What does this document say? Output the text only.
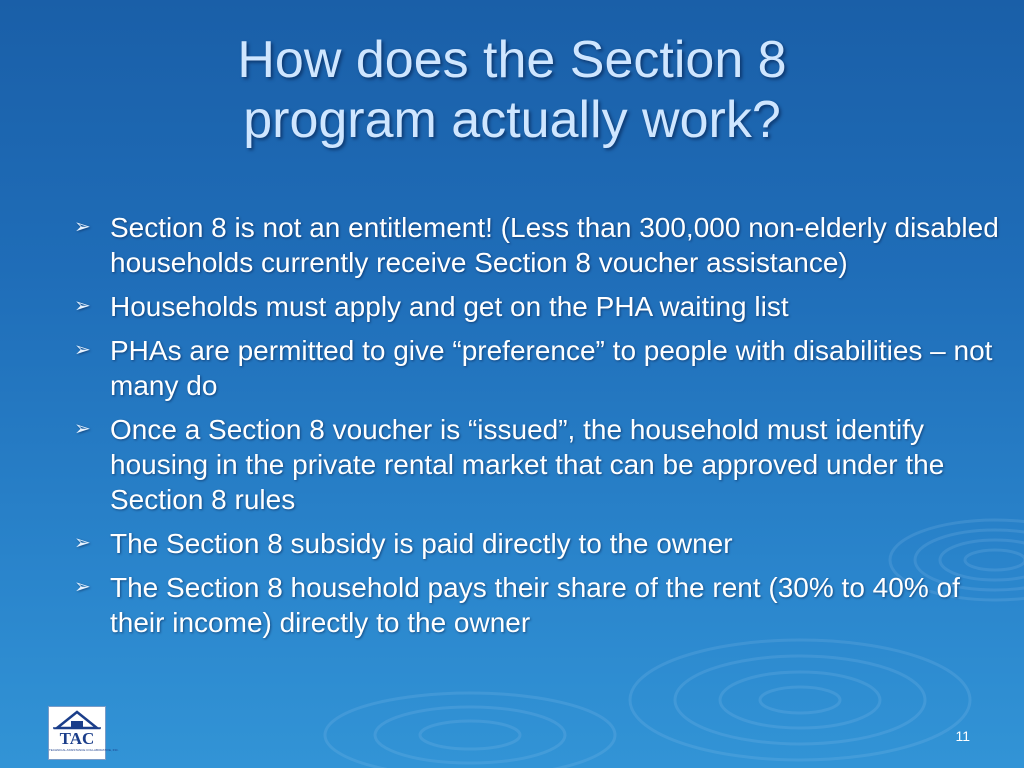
How does the Section 8
program actually work?
➢ Section 8 is not an entitlement! (Less than 300,000 non-elderly disabled households currently receive Section 8 voucher assistance)
➢ Households must apply and get on the PHA waiting list
➢ PHAs are permitted to give “preference” to people with disabilities – not many do
➢ Once a Section 8 voucher is “issued”, the household must identify housing in the private rental market that can be approved under the Section 8 rules
➢ The Section 8 subsidy is paid directly to the owner
➢ The Section 8 household pays their share of the rent (30% to 40% of their income) directly to the owner
TAC
TECHNICAL ASSISTANCE COLLABORATIVE, INC.
11
